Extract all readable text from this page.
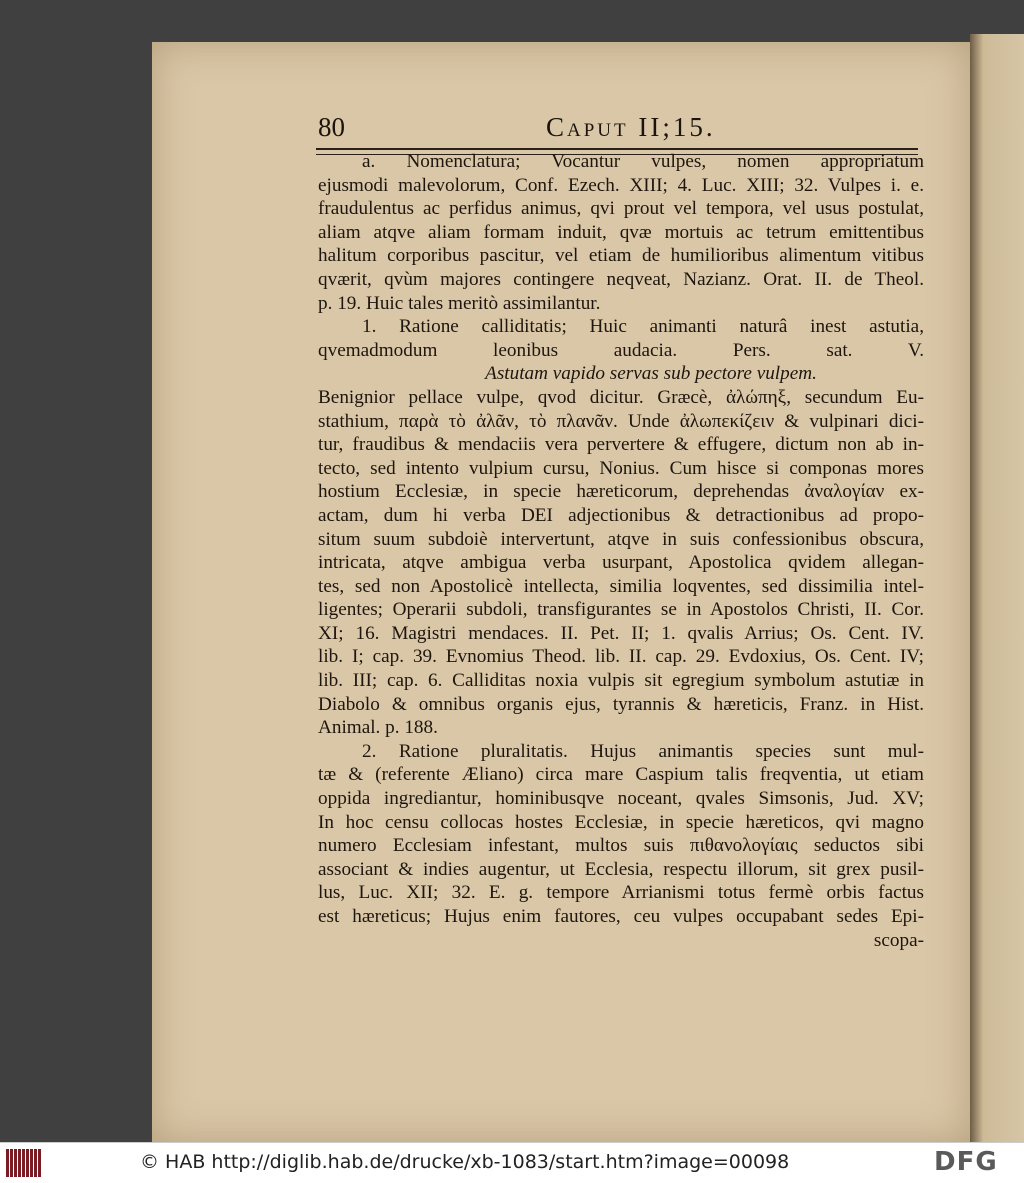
80	Caput II;15.
a. Nomenclatura; Vocantur vulpes, nomen appropriatum
ejusmodi malevolorum, Conf. Ezech. XIII; 4. Luc. XIII; 32. Vulpes i. e.
fraudulentus ac perfidus animus, qvi prout vel tempora, vel usus postulat,
aliam atqve aliam formam induit, qvæ mortuis ac tetrum emittentibus
halitum corporibus pascitur, vel etiam de humilioribus alimentum vitibus
qværit, qvùm majores contingere neqveat, Nazianz. Orat. II. de Theol.
p. 19. Huic tales meritò assimilantur.
1. Ratione calliditatis; Huic animanti naturâ inest astutia,
qvemadmodum leonibus audacia. Pers. sat. V.
Astutam vapido servas sub pectore vulpem.
Benignior pellace vulpe, qvod dicitur. Græcè, ἀλώπηξ, secundum Eu-
stathium, παρὰ τὸ ἀλᾶν, τὸ πλανᾶν. Unde ἀλωπεκίζειν & vulpinari dici-
tur, fraudibus & mendaciis vera pervertere & effugere, dictum non ab in-
tecto, sed intento vulpium cursu, Nonius. Cum hisce si componas mores
hostium Ecclesiæ, in specie hæreticorum, deprehendas ἀναλογίαν ex-
actam, dum hi verba DEI adjectionibus & detractionibus ad propo-
situm suum subdoiè intervertunt, atqve in suis confessionibus obscura,
intricata, atqve ambigua verba usurpant, Apostolica qvidem allegan-
tes, sed non Apostolicè intellecta, similia loqventes, sed dissimilia intel-
ligentes; Operarii subdoli, transfigurantes se in Apostolos Christi, II. Cor.
XI; 16. Magistri mendaces. II. Pet. II; 1. qvalis Arrius; Os. Cent. IV.
lib. I; cap. 39. Evnomius Theod. lib. II. cap. 29. Evdoxius, Os. Cent. IV;
lib. III; cap. 6. Calliditas noxia vulpis sit egregium symbolum astutiæ in
Diabolo & omnibus organis ejus, tyrannis & hæreticis, Franz. in Hist.
Animal. p. 188.
2. Ratione pluralitatis. Hujus animantis species sunt mul-
tæ & (referente Æliano) circa mare Caspium talis freqventia, ut etiam
oppida ingrediantur, hominibusqve noceant, qvales Simsonis, Jud. XV;
In hoc censu collocas hostes Ecclesiæ, in specie hæreticos, qvi magno
numero Ecclesiam infestant, multos suis πιθανολογίαις seductos sibi
associant & indies augentur, ut Ecclesia, respectu illorum, sit grex pusil-
lus, Luc. XII; 32. E. g. tempore Arrianismi totus fermè orbis factus
est hæreticus; Hujus enim fautores, ceu vulpes occupabant sedes Epi-
scopa-
© HAB http://diglib.hab.de/drucke/xb-1083/start.htm?image=00098	DFG
